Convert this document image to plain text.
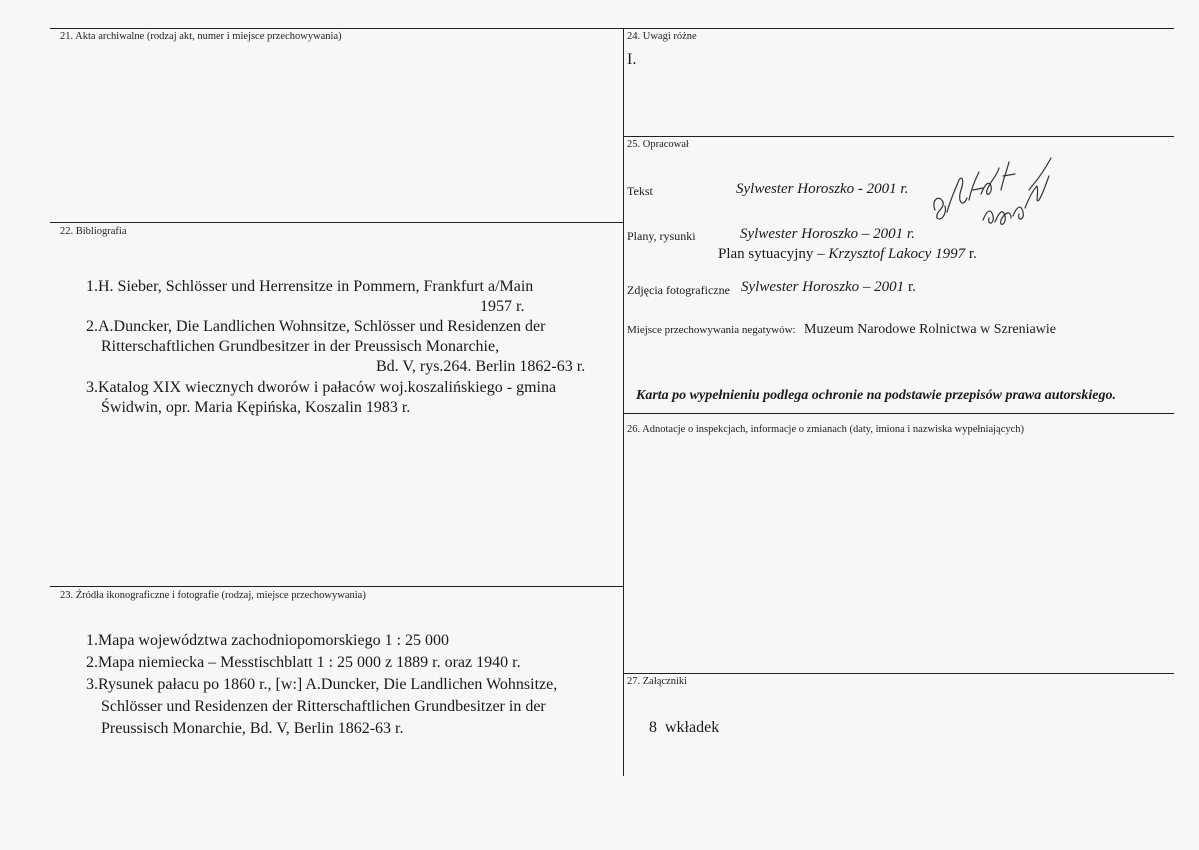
21. Akta archiwalne (rodzaj akt, numer i miejsce przechowywania)
22. Bibliografia
1.H. Sieber, Schlösser und Herrensitze in Pommern, Frankfurt a/Main
1957 r.
2.A.Duncker, Die Landlichen Wohnsitze, Schlösser und Residenzen der
Ritterschaftlichen Grundbesitzer in der Preussisch Monarchie,
Bd. V, rys.264. Berlin 1862-63 r.
3.Katalog XIX wiecznych dworów i pałaców woj.koszalińskiego - gmina
Świdwin, opr. Maria Kępińska, Koszalin 1983 r.
23. Źródła ikonograficzne i fotografie (rodzaj, miejsce przechowywania)
1.Mapa województwa zachodniopomorskiego 1 : 25 000
2.Mapa niemiecka – Messtischblatt 1 : 25 000 z 1889 r. oraz 1940 r.
3.Rysunek pałacu po 1860 r., [w:] A.Duncker, Die Landlichen Wohnsitze,
Schlösser und Residenzen der Ritterschaftlichen Grundbesitzer in der
Preussisch Monarchie, Bd. V, Berlin 1862-63 r.
24. Uwagi różne
I.
25. Opracował
Tekst	Sylwester Horoszko - 2001 r.
Plany, rysunki	Sylwester Horoszko – 2001 r.
Plan sytuacyjny – Krzysztof Lakocy 1997 r.
Zdjęcia fotograficzne Sylwester Horoszko – 2001 r.
Miejsce przechowywania negatywów: Muzeum Narodowe Rolnictwa w Szreniawie
Karta po wypełnieniu podlega ochronie na podstawie przepisów prawa autorskiego.
26. Adnotacje o inspekcjach, informacje o zmianach (daty, imiona i nazwiska wypełniających)
27. Załączniki
8  wkładek
